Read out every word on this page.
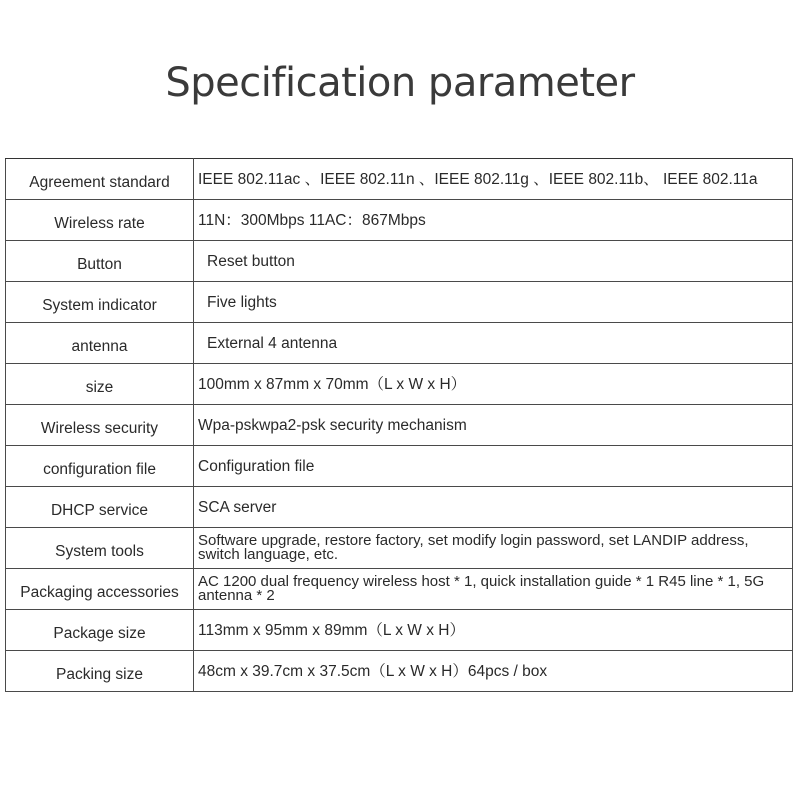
Specification parameter
Agreement standard	IEEE 802.11ac 、IEEE 802.11n 、IEEE 802.11g 、IEEE 802.11b、 IEEE 802.11a
Wireless rate	11N：300Mbps 11AC：867Mbps
Button	Reset button
System indicator	Five lights
antenna	External 4 antenna
size	100mm x 87mm x 70mm（L x W x H）
Wireless security	Wpa-pskwpa2-psk security mechanism
configuration file	Configuration file
DHCP service	SCA server
System tools	Software upgrade, restore factory, set modify login password, set LANDIP address, switch language, etc.
Packaging accessories	AC 1200 dual frequency wireless host * 1, quick installation guide * 1 R45 line * 1, 5G antenna * 2
Package size	113mm x 95mm x 89mm（L x W x H）
Packing size	48cm x 39.7cm x 37.5cm（L x W x H）64pcs / box
